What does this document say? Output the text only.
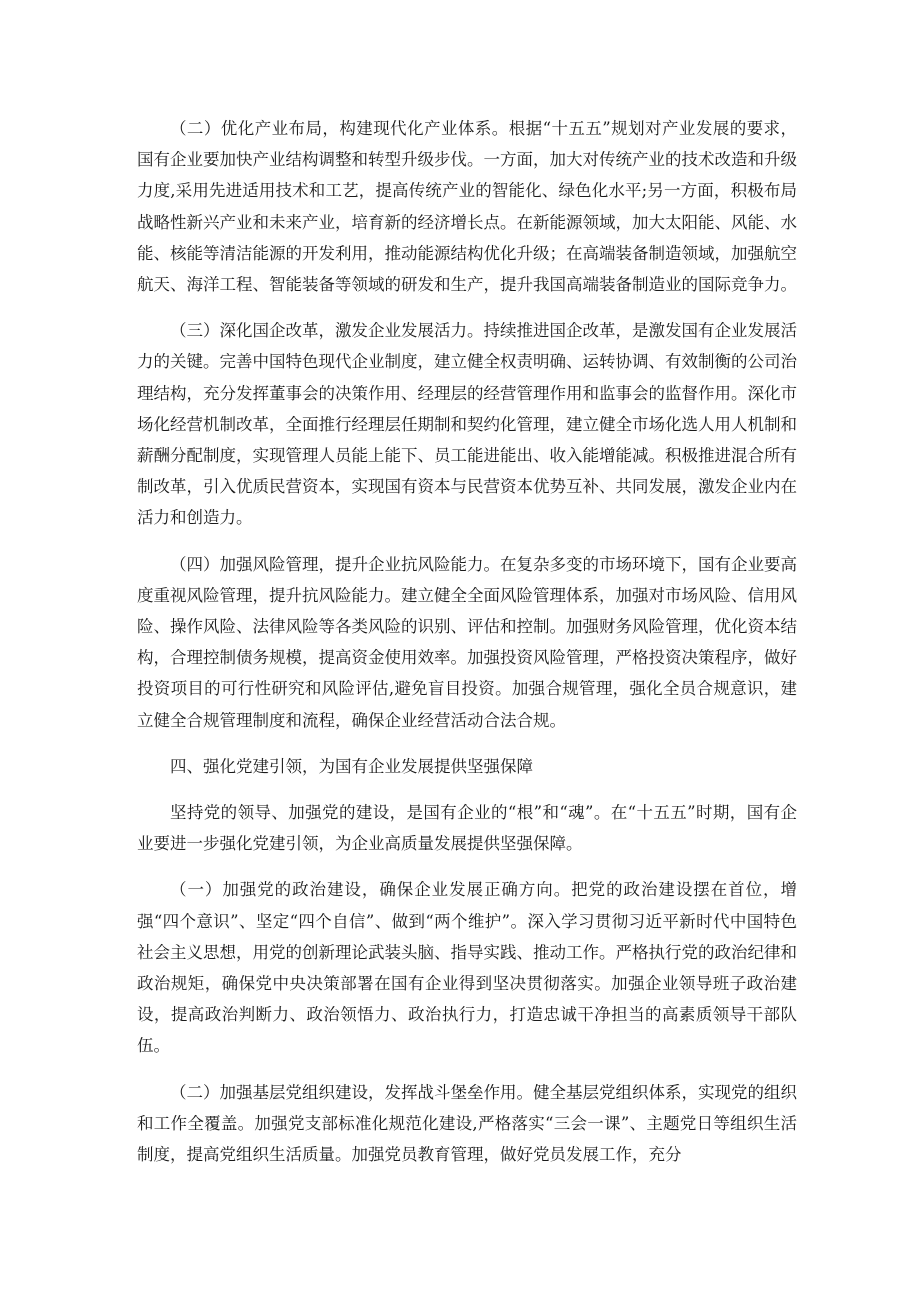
（二）优化产业布局，构建现代化产业体系。根据“十五五”规划对产业发展的要求，国有企业要加快产业结构调整和转型升级步伐。一方面，加大对传统产业的技术改造和升级力度,采用先进适用技术和工艺，提高传统产业的智能化、绿色化水平;另一方面，积极布局战略性新兴产业和未来产业，培育新的经济增长点。在新能源领域，加大太阳能、风能、水能、核能等清洁能源的开发利用，推动能源结构优化升级；在高端装备制造领域，加强航空航天、海洋工程、智能装备等领域的研发和生产，提升我国高端装备制造业的国际竞争力。

（三）深化国企改革，激发企业发展活力。持续推进国企改革，是激发国有企业发展活力的关键。完善中国特色现代企业制度，建立健全权责明确、运转协调、有效制衡的公司治理结构，充分发挥董事会的决策作用、经理层的经营管理作用和监事会的监督作用。深化市场化经营机制改革，全面推行经理层任期制和契约化管理，建立健全市场化选人用人机制和薪酬分配制度，实现管理人员能上能下、员工能进能出、收入能增能减。积极推进混合所有制改革，引入优质民营资本，实现国有资本与民营资本优势互补、共同发展，激发企业内在活力和创造力。

（四）加强风险管理，提升企业抗风险能力。在复杂多变的市场环境下，国有企业要高度重视风险管理，提升抗风险能力。建立健全全面风险管理体系，加强对市场风险、信用风险、操作风险、法律风险等各类风险的识别、评估和控制。加强财务风险管理，优化资本结构，合理控制债务规模，提高资金使用效率。加强投资风险管理，严格投资决策程序，做好投资项目的可行性研究和风险评估,避免盲目投资。加强合规管理，强化全员合规意识，建立健全合规管理制度和流程，确保企业经营活动合法合规。

四、强化党建引领，为国有企业发展提供坚强保障

坚持党的领导、加强党的建设，是国有企业的“根”和“魂”。在“十五五”时期，国有企业要进一步强化党建引领，为企业高质量发展提供坚强保障。

（一）加强党的政治建设，确保企业发展正确方向。把党的政治建设摆在首位，增强“四个意识”、坚定“四个自信”、做到“两个维护”。深入学习贯彻习近平新时代中国特色社会主义思想，用党的创新理论武装头脑、指导实践、推动工作。严格执行党的政治纪律和政治规矩，确保党中央决策部署在国有企业得到坚决贯彻落实。加强企业领导班子政治建设，提高政治判断力、政治领悟力、政治执行力，打造忠诚干净担当的高素质领导干部队伍。

（二）加强基层党组织建设，发挥战斗堡垒作用。健全基层党组织体系，实现党的组织和工作全覆盖。加强党支部标准化规范化建设,严格落实“三会一课”、主题党日等组织生活制度，提高党组织生活质量。加强党员教育管理，做好党员发展工作，充分
